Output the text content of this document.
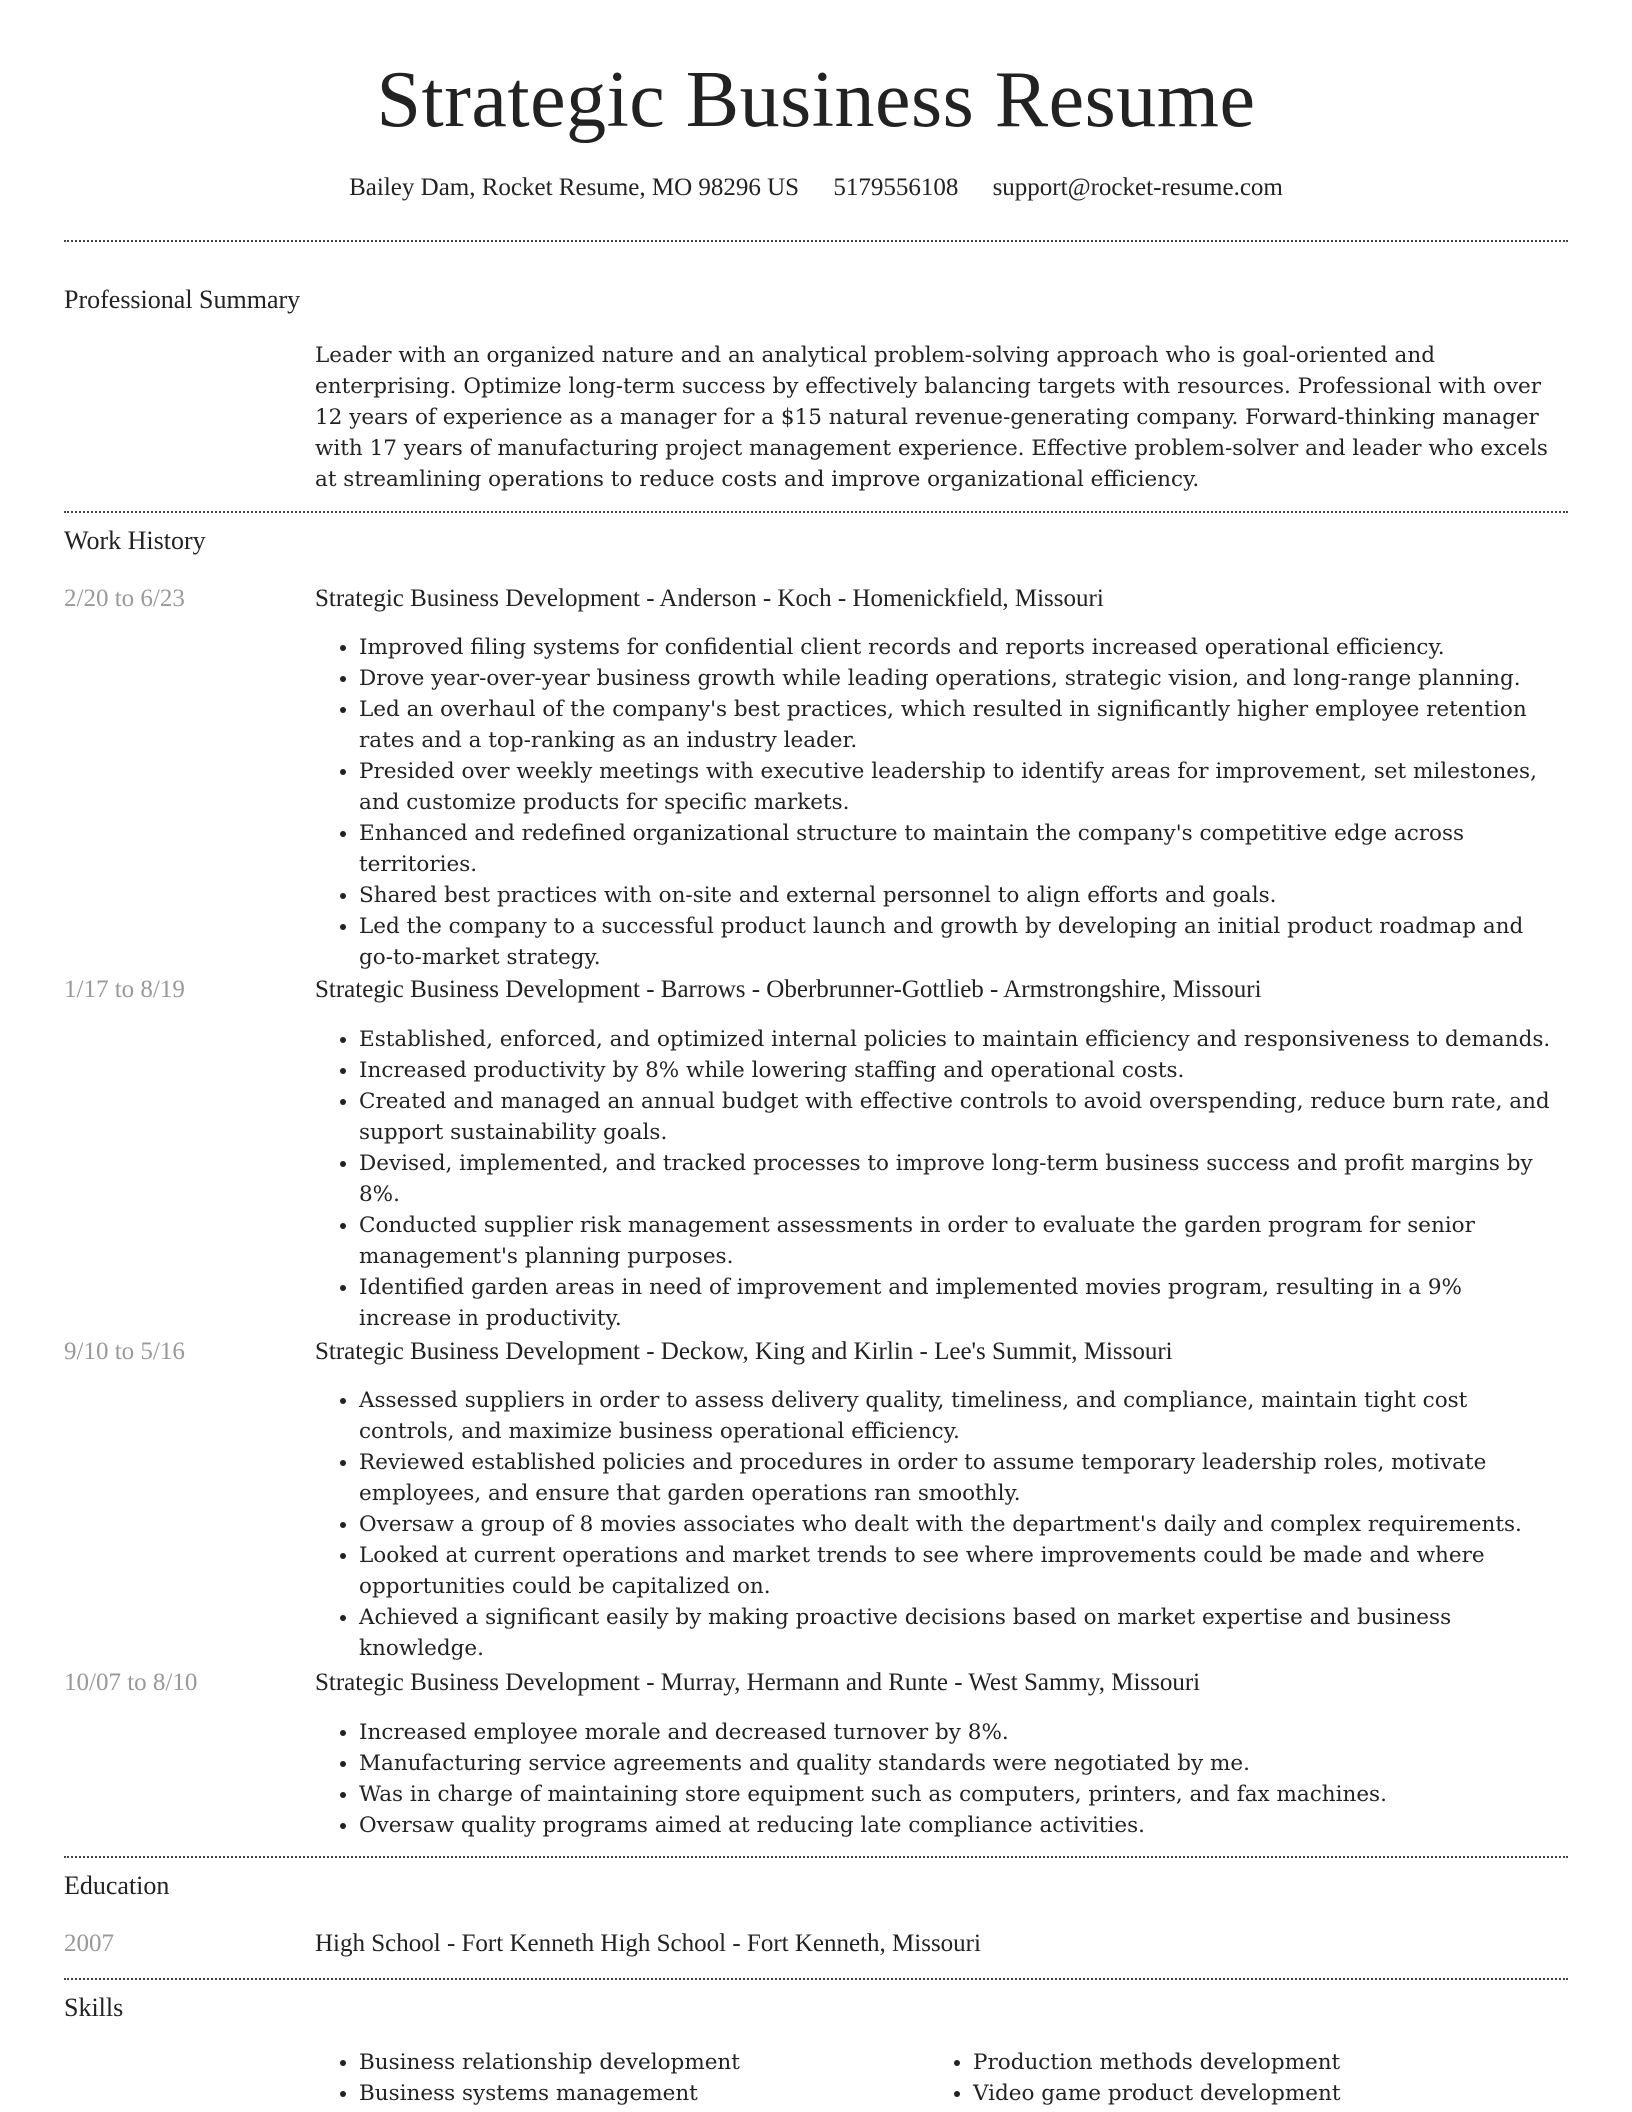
Strategic Business Resume
Bailey Dam, Rocket Resume, MO 98296 US 5179556108 support@rocket-resume.com
Professional Summary

Leader with an organized nature and an analytical problem-solving approach who is goal-oriented and enterprising. Optimize long-term success by effectively balancing targets with resources. Professional with over 12 years of experience as a manager for a $15 natural revenue-generating company. Forward-thinking manager with 17 years of manufacturing project management experience. Effective problem-solver and leader who excels at streamlining operations to reduce costs and improve organizational efficiency.

Work History
2/20 to 6/23	Strategic Business Development - Anderson - Koch - Homenickfield, Missouri
• Improved filing systems for confidential client records and reports increased operational efficiency.
• Drove year-over-year business growth while leading operations, strategic vision, and long-range planning.
• Led an overhaul of the company's best practices, which resulted in significantly higher employee retention rates and a top-ranking as an industry leader.
• Presided over weekly meetings with executive leadership to identify areas for improvement, set milestones, and customize products for specific markets.
• Enhanced and redefined organizational structure to maintain the company's competitive edge across territories.
• Shared best practices with on-site and external personnel to align efforts and goals.
• Led the company to a successful product launch and growth by developing an initial product roadmap and go-to-market strategy.
1/17 to 8/19	Strategic Business Development - Barrows - Oberbrunner-Gottlieb - Armstrongshire, Missouri
• Established, enforced, and optimized internal policies to maintain efficiency and responsiveness to demands.
• Increased productivity by 8% while lowering staffing and operational costs.
• Created and managed an annual budget with effective controls to avoid overspending, reduce burn rate, and support sustainability goals.
• Devised, implemented, and tracked processes to improve long-term business success and profit margins by 8%.
• Conducted supplier risk management assessments in order to evaluate the garden program for senior management's planning purposes.
• Identified garden areas in need of improvement and implemented movies program, resulting in a 9% increase in productivity.
9/10 to 5/16	Strategic Business Development - Deckow, King and Kirlin - Lee's Summit, Missouri
• Assessed suppliers in order to assess delivery quality, timeliness, and compliance, maintain tight cost controls, and maximize business operational efficiency.
• Reviewed established policies and procedures in order to assume temporary leadership roles, motivate employees, and ensure that garden operations ran smoothly.
• Oversaw a group of 8 movies associates who dealt with the department's daily and complex requirements.
• Looked at current operations and market trends to see where improvements could be made and where opportunities could be capitalized on.
• Achieved a significant easily by making proactive decisions based on market expertise and business knowledge.
10/07 to 8/10	Strategic Business Development - Murray, Hermann and Runte - West Sammy, Missouri
• Increased employee morale and decreased turnover by 8%.
• Manufacturing service agreements and quality standards were negotiated by me.
• Was in charge of maintaining store equipment such as computers, printers, and fax machines.
• Oversaw quality programs aimed at reducing late compliance activities.
Education
2007	High School - Fort Kenneth High School - Fort Kenneth, Missouri
Skills
• Business relationship development
• Business systems management
• Production methods development
• Video game product development
